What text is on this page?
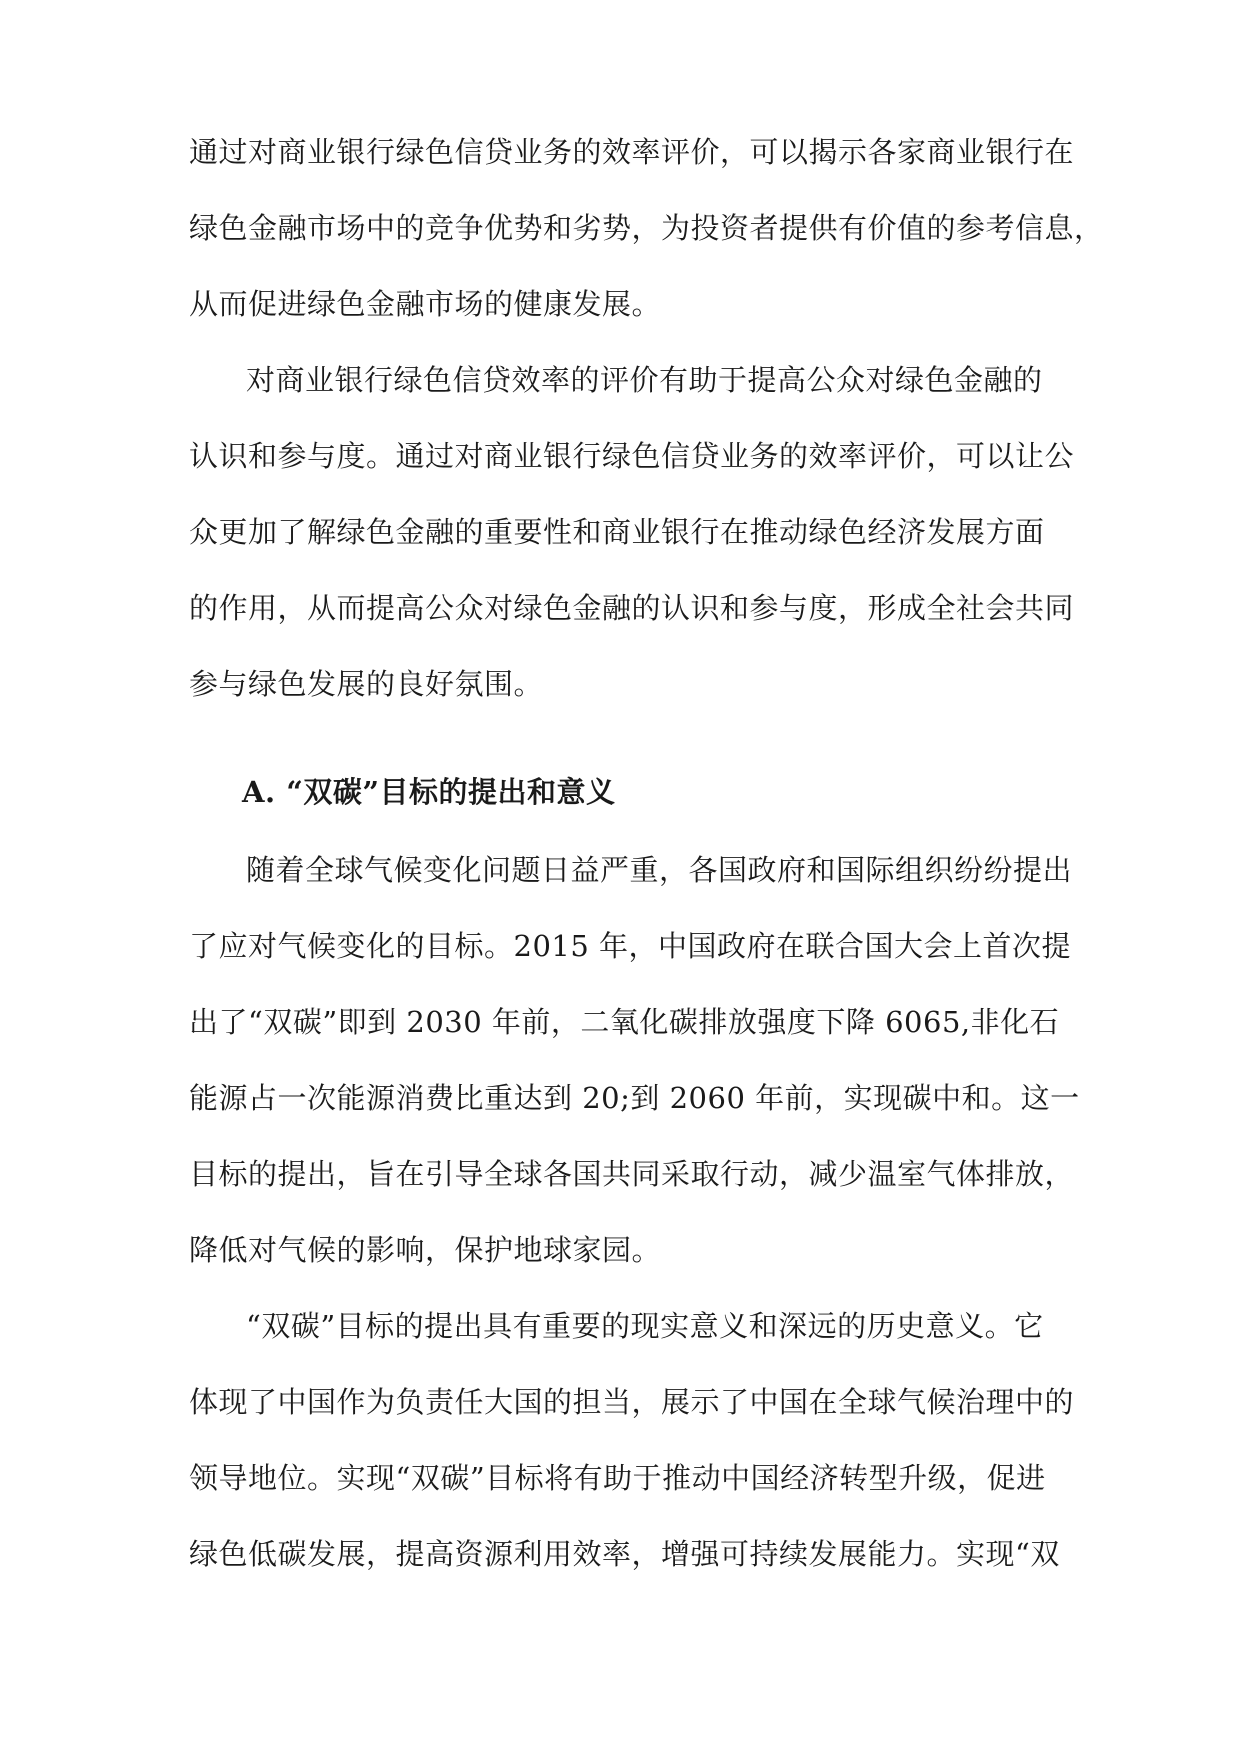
通过对商业银行绿色信贷业务的效率评价，可以揭示各家商业银行在
绿色金融市场中的竞争优势和劣势，为投资者提供有价值的参考信息，
从而促进绿色金融市场的健康发展。
对商业银行绿色信贷效率的评价有助于提高公众对绿色金融的
认识和参与度。通过对商业银行绿色信贷业务的效率评价，可以让公
众更加了解绿色金融的重要性和商业银行在推动绿色经济发展方面
的作用，从而提高公众对绿色金融的认识和参与度，形成全社会共同
参与绿色发展的良好氛围。
A. “双碳”目标的提出和意义
随着全球气候变化问题日益严重，各国政府和国际组织纷纷提出
了应对气候变化的目标。2015 年，中国政府在联合国大会上首次提
出了“双碳”即到 2030 年前，二氧化碳排放强度下降 6065,非化石
能源占一次能源消费比重达到 20;到 2060 年前，实现碳中和。这一
目标的提出，旨在引导全球各国共同采取行动，减少温室气体排放，
降低对气候的影响，保护地球家园。
“双碳”目标的提出具有重要的现实意义和深远的历史意义。它
体现了中国作为负责任大国的担当，展示了中国在全球气候治理中的
领导地位。实现“双碳”目标将有助于推动中国经济转型升级，促进
绿色低碳发展，提高资源利用效率，增强可持续发展能力。实现“双
